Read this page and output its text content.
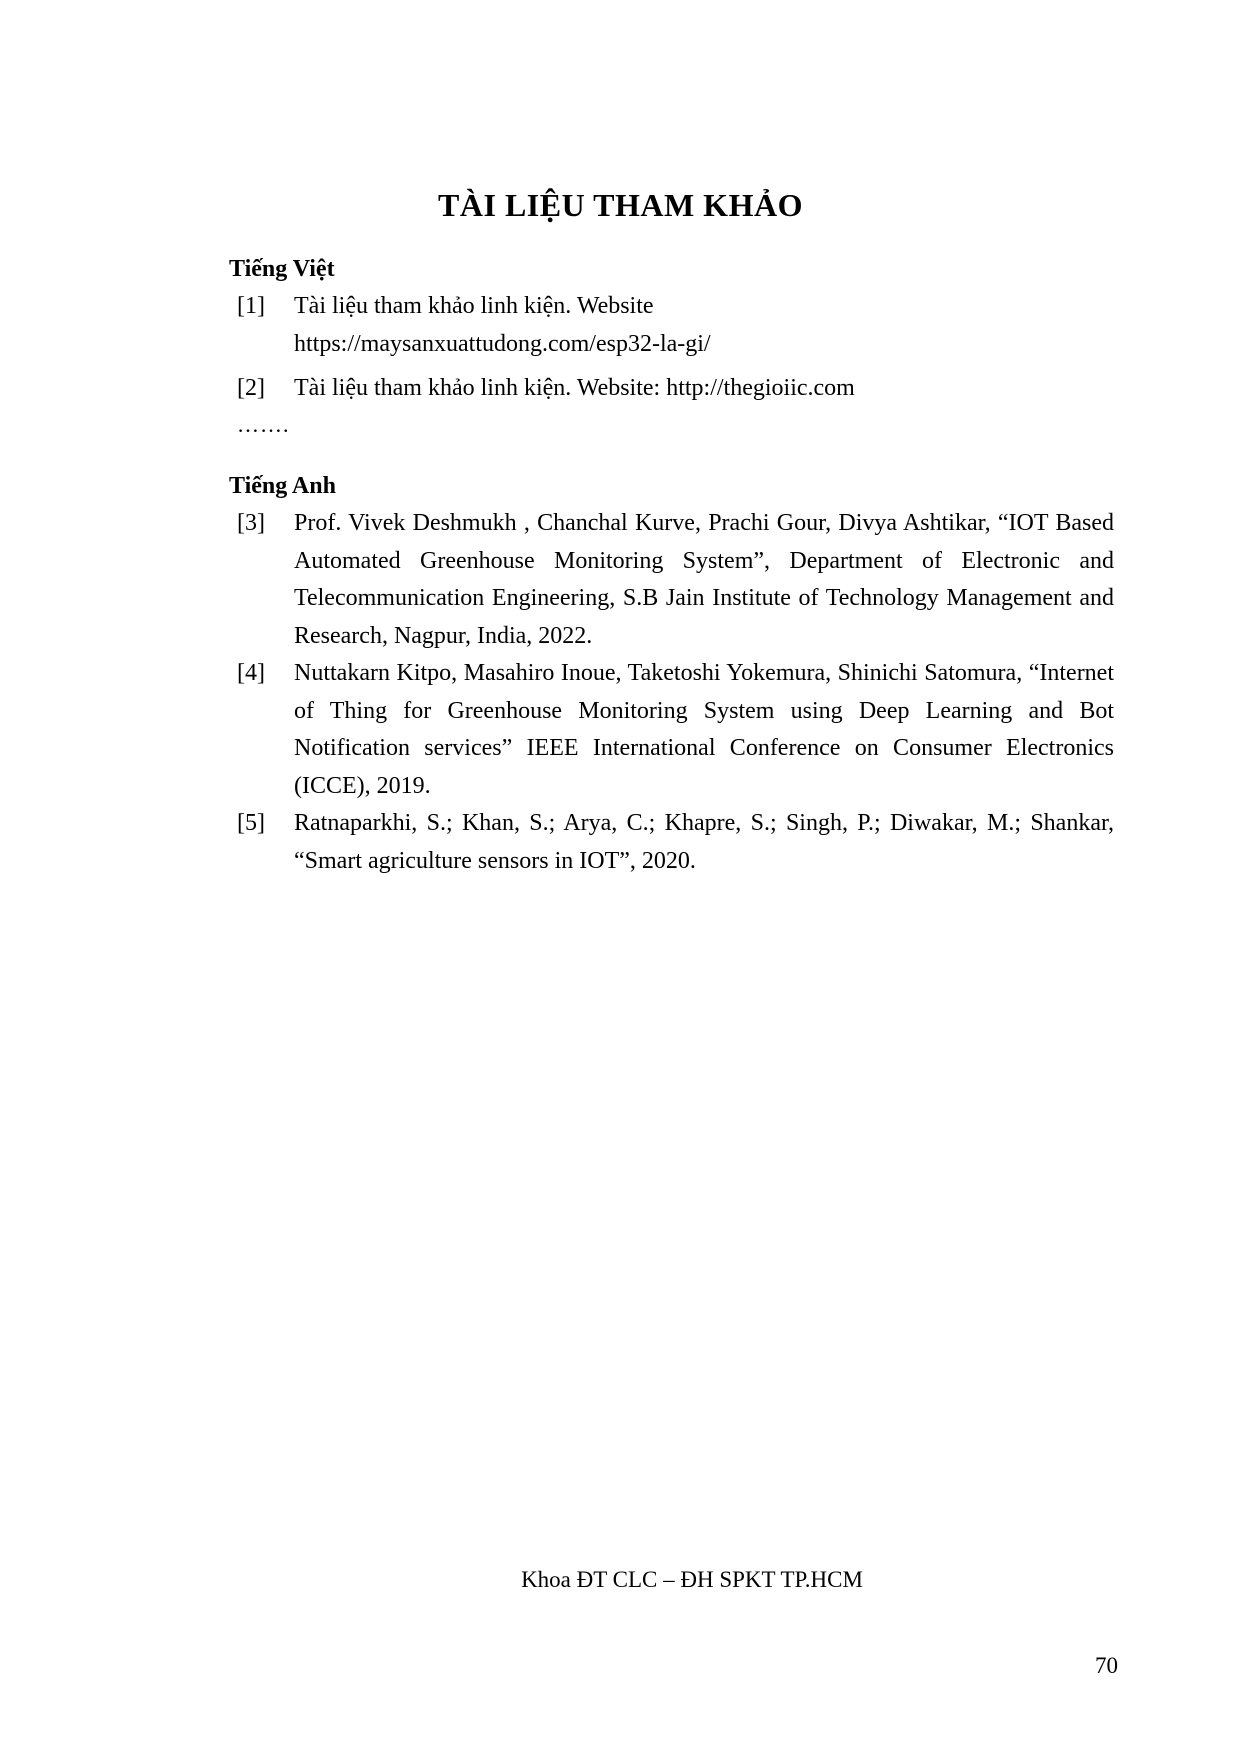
TÀI LIỆU THAM KHẢO
Tiếng Việt
[1] Tài liệu tham khảo linh kiện. Website https://maysanxuattudong.com/esp32-la-gi/
[2] Tài liệu tham khảo linh kiện. Website: http://thegioiic.com
…….
Tiếng Anh
[3] Prof. Vivek Deshmukh , Chanchal Kurve, Prachi Gour, Divya Ashtikar, “IOT Based Automated Greenhouse Monitoring System”, Department of Electronic and Telecommunication Engineering, S.B Jain Institute of Technology Management and Research, Nagpur, India, 2022.
[4] Nuttakarn Kitpo, Masahiro Inoue, Taketoshi Yokemura, Shinichi Satomura, “Internet of Thing for Greenhouse Monitoring System using Deep Learning and Bot Notification services” IEEE International Conference on Consumer Electronics (ICCE), 2019.
[5] Ratnaparkhi, S.; Khan, S.; Arya, C.; Khapre, S.; Singh, P.; Diwakar, M.; Shankar, “Smart agriculture sensors in IOT”, 2020.
Khoa ĐT CLC – ĐH SPKT TP.HCM
70
